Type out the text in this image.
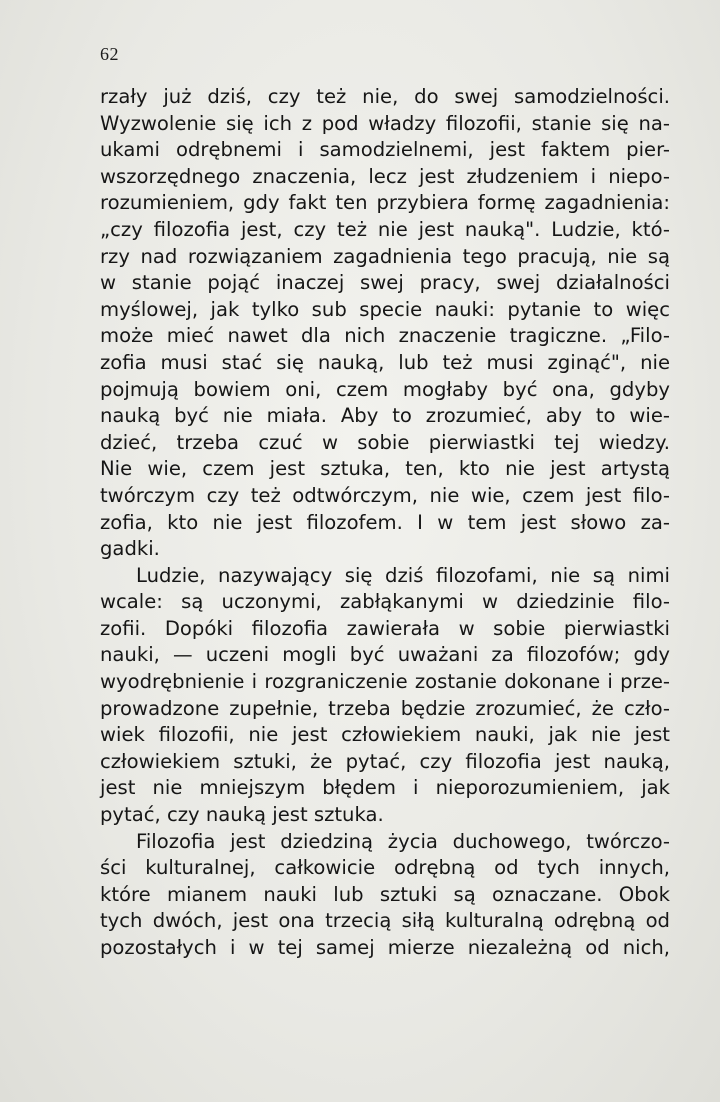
62
rzały już dziś, czy też nie, do swej samodzielności.
Wyzwolenie się ich z pod władzy filozofii, stanie się na-
ukami odrębnemi i samodzielnemi, jest faktem pier-
wszorzędnego znaczenia, lecz jest złudzeniem i niepo-
rozumieniem, gdy fakt ten przybiera formę zagadnienia:
„czy filozofia jest, czy też nie jest nauką". Ludzie, któ-
rzy nad rozwiązaniem zagadnienia tego pracują, nie są
w stanie pojąć inaczej swej pracy, swej działalności
myślowej, jak tylko sub specie nauki: pytanie to więc
może mieć nawet dla nich znaczenie tragiczne. „Filo-
zofia musi stać się nauką, lub też musi zginąć", nie
pojmują bowiem oni, czem mogłaby być ona, gdyby
nauką być nie miała. Aby to zrozumieć, aby to wie-
dzieć, trzeba czuć w sobie pierwiastki tej wiedzy.
Nie wie, czem jest sztuka, ten, kto nie jest artystą
twórczym czy też odtwórczym, nie wie, czem jest filo-
zofia, kto nie jest filozofem. I w tem jest słowo za-
gadki.
Ludzie, nazywający się dziś filozofami, nie są nimi
wcale: są uczonymi, zabłąkanymi w dziedzinie filo-
zofii. Dopóki filozofia zawierała w sobie pierwiastki
nauki, — uczeni mogli być uważani za filozofów; gdy
wyodrębnienie i rozgraniczenie zostanie dokonane i prze-
prowadzone zupełnie, trzeba będzie zrozumieć, że czło-
wiek filozofii, nie jest człowiekiem nauki, jak nie jest
człowiekiem sztuki, że pytać, czy filozofia jest nauką,
jest nie mniejszym błędem i nieporozumieniem, jak
pytać, czy nauką jest sztuka.
Filozofia jest dziedziną życia duchowego, twórczo-
ści kulturalnej, całkowicie odrębną od tych innych,
które mianem nauki lub sztuki są oznaczane. Obok
tych dwóch, jest ona trzecią siłą kulturalną odrębną od
pozostałych i w tej samej mierze niezależną od nich,
